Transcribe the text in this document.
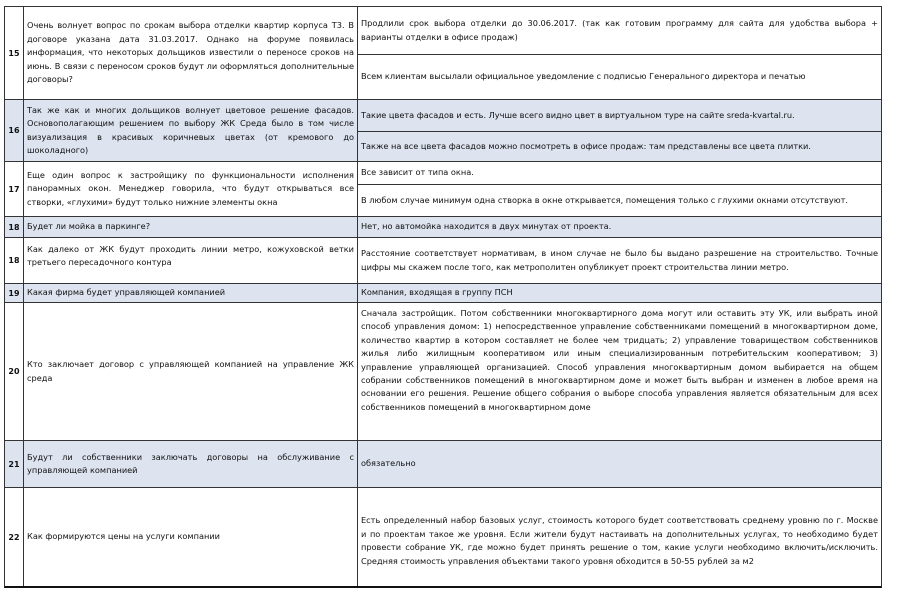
15
Очень волнует вопрос по срокам выбора отделки квартир корпуса Т3. В договоре указана дата 31.03.2017. Однако на форуме появилась информация, что некоторых дольщиков известили о переносе сроков на июнь. В связи с переносом сроков будут ли оформляться дополнительные договоры?
Продлили срок выбора отделки до 30.06.2017. (так как готовим программу для сайта для удобства выбора + варианты отделки в офисе продаж)
Всем клиентам высылали официальное уведомление с подписью Генерального директора и печатью
16
Так же как и многих дольщиков волнует цветовое решение фасадов. Основополагающим решением по выбору ЖК Среда было в том числе визуализация в красивых коричневых цветах (от кремового до шоколадного)
Такие цвета фасадов и есть. Лучше всего видно цвет в виртуальном туре на сайте sreda-kvartal.ru.
Также на все цвета фасадов можно посмотреть в офисе продаж: там представлены все цвета плитки.
17
Еще один вопрос к застройщику по функциональности исполнения панорамных окон. Менеджер говорила, что будут открываться все створки, «глухими» будут только нижние элементы окна
Все зависит от типа окна.
В любом случае минимум одна створка в окне открывается, помещения только с глухими окнами отсутствуют.
18 Будет ли мойка в паркинге?	Нет, но автомойка находится в двух минутах от проекта.
18
Как далеко от ЖК будут проходить линии метро, кожуховской ветки третьего пересадочного контура
Расстояние соответствует нормативам, в ином случае не было бы выдано разрешение на строительство. Точные цифры мы скажем после того, как метрополитен опубликует проект строительства линии метро.
19 Какая фирма будет управляющей компанией	Компания, входящая в группу ПСН
20
Кто заключает договор с управляющей компанией на управление ЖК среда
Сначала застройщик. Потом собственники многоквартирного дома могут или оставить эту УК, или выбрать иной способ управления домом: 1) непосредственное управление собственниками помещений в многоквартирном доме, количество квартир в котором составляет не более чем тридцать; 2) управление товариществом собственников жилья либо жилищным кооперативом или иным специализированным потребительским кооперативом; 3) управление управляющей организацией. Способ управления многоквартирным домом выбирается на общем собрании собственников помещений в многоквартирном доме и может быть выбран и изменен в любое время на основании его решения. Решение общего собрания о выборе способа управления является обязательным для всех собственников помещений в многоквартирном доме
21
Будут ли собственники заключать договоры на обслуживание с управляющей компанией
обязательно
22 Как формируются цены на услуги компании
Есть определенный набор базовых услуг, стоимость которого будет соответствовать среднему уровню по г. Москве и по проектам такое же уровня. Если жители будут настаивать на дополнительных услугах, то необходимо будет провести собрание УК, где можно будет принять решение о том, какие услуги необходимо включить/исключить. Средняя стоимость управления объектами такого уровня обходится в 50-55 рублей за м2
